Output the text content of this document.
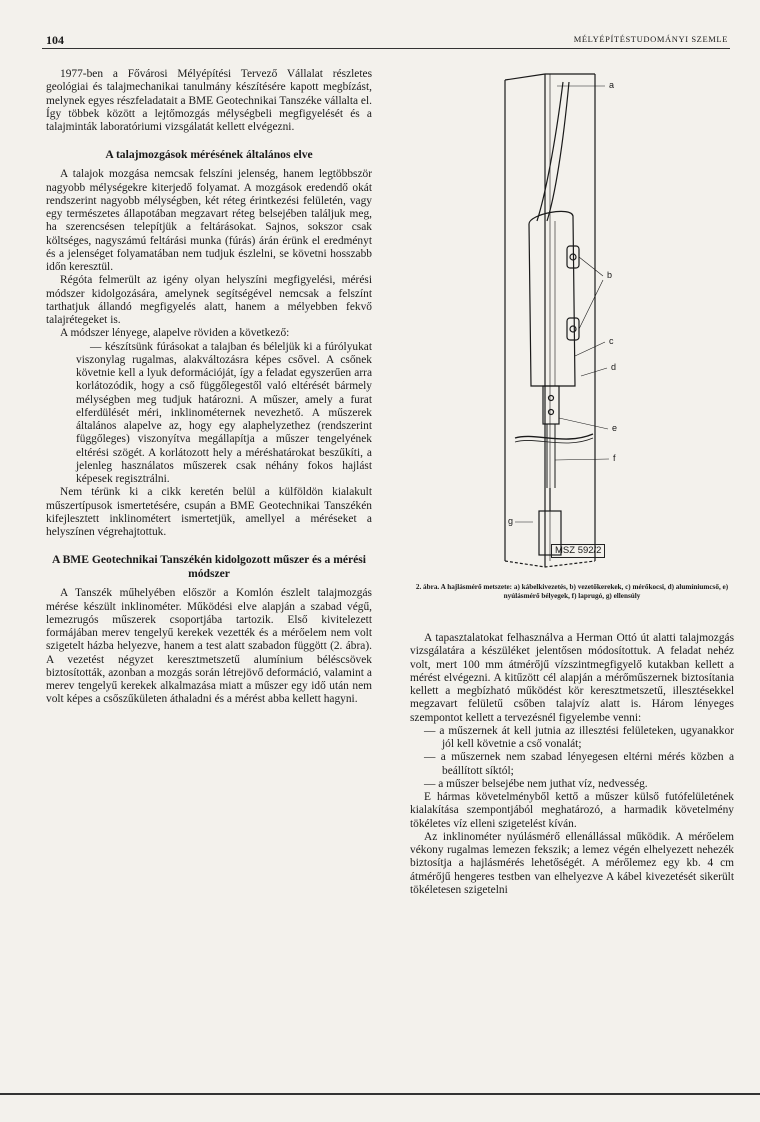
104	MÉLYÉPÍTÉSTUDOMÁNYI SZEMLE

1977-ben a Fővárosi Mélyépítési Tervező Vállalat részletes geológiai és talajmechanikai tanulmány készítésére kapott megbízást, melynek egyes részfeladatait a BME Geotechnikai Tanszéke vállalta el. Így többek között a lejtőmozgás mélységbeli megfigyelését és a talajminták laboratóriumi vizsgálatát kellett elvégezni.

A talajmozgások mérésének általános elve

A talajok mozgása nemcsak felszíni jelenség, hanem legtöbbször nagyobb mélységekre kiterjedő folyamat. A mozgások eredendő okát rendszerint nagyobb mélységben, két réteg érintkezési felületén, vagy egy természetes állapotában megzavart réteg belsejében találjuk meg, ha szerencsésen telepítjük a feltárásokat. Sajnos, sokszor csak költséges, nagyszámú feltárási munka (fúrás) árán érünk el eredményt és a jelenséget folyamatában nem tudjuk észlelni, se követni hosszabb időn keresztül.

Régóta felmerült az igény olyan helyszíni megfigyelési, mérési módszer kidolgozására, amelynek segítségével nemcsak a felszínt tarthatjuk állandó megfigyelés alatt, hanem a mélyebben fekvő talajrétegeket is.

A módszer lényege, alapelve röviden a következő:

— készítsünk fúrásokat a talajban és béleljük ki a fúrólyukat viszonylag rugalmas, alakváltozásra képes csővel. A csőnek követnie kell a lyuk deformációját, így a feladat egyszerűen arra korlátozódik, hogy a cső függőlegestől való eltérését bármely mélységben meg tudjuk határozni. A műszer, amely a furat elferdülését méri, inklinométernek nevezhető. A műszerek általános alapelve az, hogy egy alaphelyzethez (rendszerint függőleges) viszonyítva megállapítja a műszer tengelyének eltérési szögét. A korlátozott hely a méréshatárokat beszűkíti, a jelenleg használatos műszerek csak néhány fokos hajlást képesek regisztrálni.

Nem térünk ki a cikk keretén belül a külföldön kialakult műszertípusok ismertetésére, csupán a BME Geotechnikai Tanszékén kifejlesztett inklinométert ismertetjük, amellyel a méréseket a helyszínen végrehajtottuk.

A BME Geotechnikai Tanszékén kidolgozott műszer és a mérési módszer

A Tanszék műhelyében először a Komlón észlelt talajmozgás mérése készült inklinométer. Működési elve alapján a szabad végű, lemezrugós műszerek csoportjába tartozik. Első kivitelezett formájában merev tengelyű kerekek vezették és a mérőelem nem volt szigetelt házba helyezve, hanem a test alatt szabadon függött (2. ábra). A vezetést négyzet keresztmetszetű alumínium béléscsövek biztosították, azonban a mozgás során létrejövő deformáció, valamint a merev tengelyű kerekek alkalmazása miatt a műszer egy idő után nem volt képes a csőszűkületen áthaladni és a mérést abba kellett hagyni.

a
b
c
d
e
f
g
MSZ 592/2
2. ábra. A hajlásmérő metszete: a) kábelkivezetés, b) vezetőkerekek, c) mérőkocsi, d) alumíniumcső, e) nyúlásmérő bélyegek, f) laprugó, g) ellensúly

A tapasztalatokat felhasználva a Herman Ottó út alatti talajmozgás vizsgálatára a készüléket jelentősen módosítottuk. A feladat nehéz volt, mert 100 mm átmérőjű vízszintmegfigyelő kutakban kellett a mérést elvégezni. A kitűzött cél alapján a mérőműszernek biztosítania kellett a megbízható működést kör keresztmetszetű, illesztésekkel megzavart felületű csőben talajvíz alatt is. Három lényeges szempontot kellett a tervezésnél figyelembe venni:

— a műszernek át kell jutnia az illesztési felületeken, ugyanakkor jól kell követnie a cső vonalát;

— a műszernek nem szabad lényegesen eltérni mérés közben a beállított síktól;

— a műszer belsejébe nem juthat víz, nedvesség.

E hármas követelményből kettő a műszer külső futófelületének kialakítása szempontjából meghatározó, a harmadik követelmény tökéletes víz elleni szigetelést kíván.

Az inklinométer nyúlásmérő ellenállással működik. A mérőelem vékony rugalmas lemezen fekszik; a lemez végén elhelyezett nehezék biztosítja a hajlásmérés lehetőségét. A mérőlemez egy kb. 4 cm átmérőjű hengeres testben van elhelyezve A kábel kivezetését sikerült tökéletesen szigetelni
